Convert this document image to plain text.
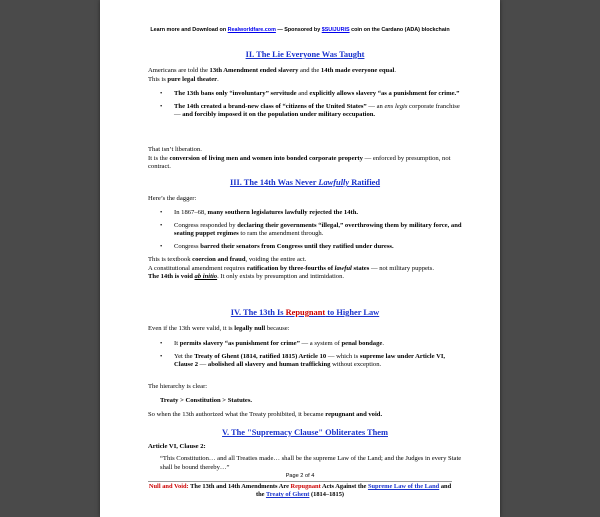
Learn more and Download on Realworldfare.com — Sponsored by $SUIJURIS coin on the Cardano (ADA) blockchain
II. The Lie Everyone Was Taught

Americans are told the 13th Amendment ended slavery and the 14th made everyone equal.
This is pure legal theater.

• The 13th bans only “involuntary” servitude and explicitly allows slavery “as a punishment for crime.”
• The 14th created a brand-new class of “citizens of the United States” — an ens legis corporate franchise — and forcibly imposed it on the population under military occupation.

That isn’t liberation.
It is the conversion of living men and women into bonded corporate property — enforced by presumption, not contract.

III. The 14th Was Never Lawfully Ratified

Here’s the dagger:

• In 1867–68, many southern legislatures lawfully rejected the 14th.
• Congress responded by declaring their governments “illegal,” overthrowing them by military force, and seating puppet regimes to ram the amendment through.
• Congress barred their senators from Congress until they ratified under duress.

This is textbook coercion and fraud, voiding the entire act.
A constitutional amendment requires ratification by three-fourths of lawful states — not military puppets.
The 14th is void ab initio. It only exists by presumption and intimidation.

IV. The 13th Is Repugnant to Higher Law

Even if the 13th were valid, it is legally null because:

• It permits slavery “as punishment for crime” — a system of penal bondage.
• Yet the Treaty of Ghent (1814, ratified 1815) Article 10 — which is supreme law under Article VI, Clause 2 — abolished all slavery and human trafficking without exception.

The hierarchy is clear:

Treaty > Constitution > Statutes.

So when the 13th authorized what the Treaty prohibited, it became repugnant and void.

V. The "Supremacy Clause" Obliterates Them

Article VI, Clause 2:

“This Constitution… and all Treaties made… shall be the supreme Law of the Land; and the Judges in every State shall be bound thereby…”

Page 2 of 4
Null and Void: The 13th and 14th Amendments Are Repugnant Acts Against the Supreme Law of the Land and the Treaty of Ghent (1814–1815)
